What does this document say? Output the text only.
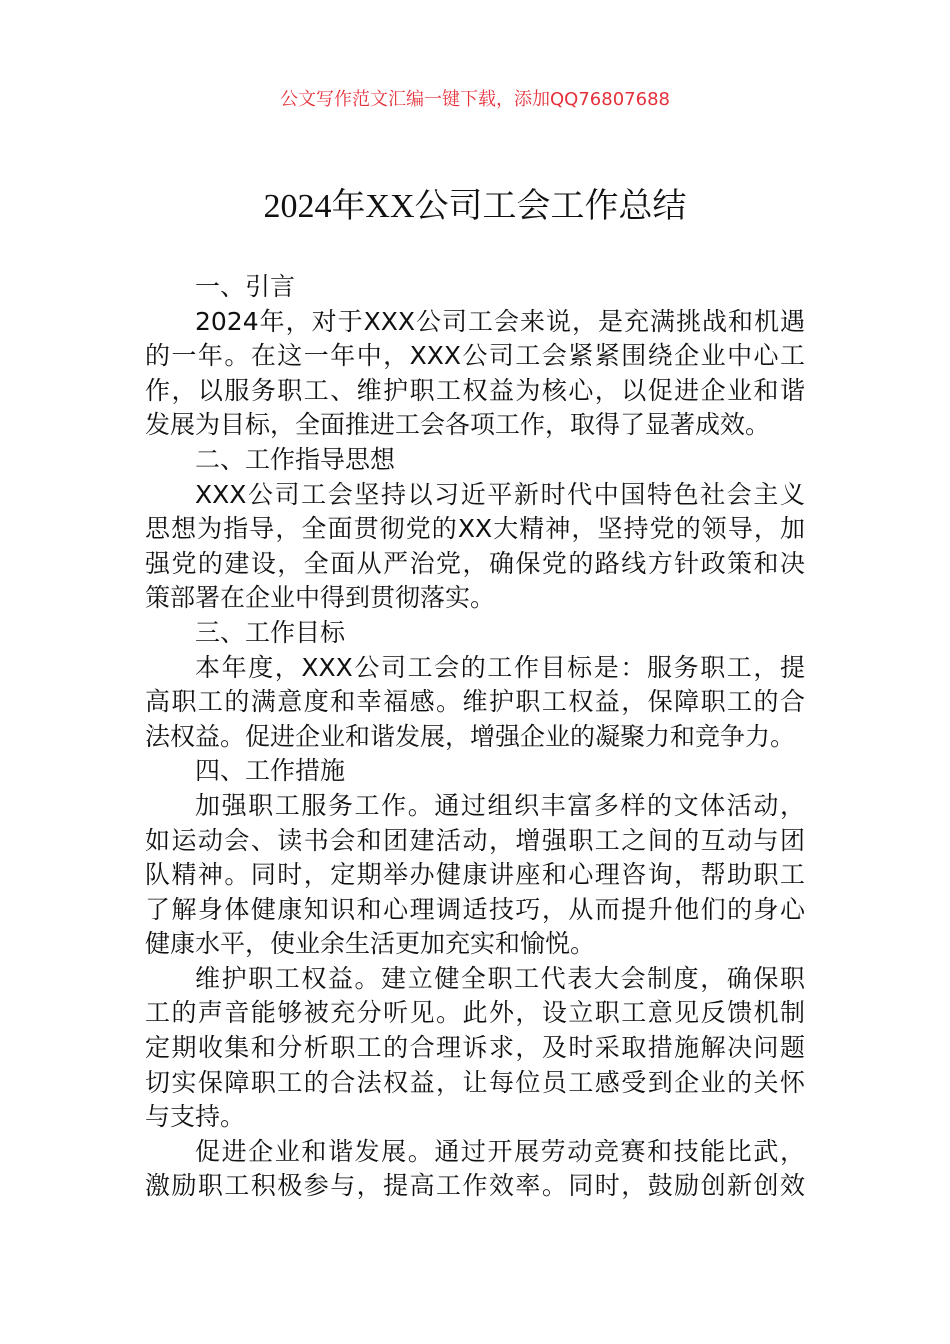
公文写作范文汇编一键下载，添加QQ76807688
2024年XX公司工会工作总结
一、引言
2024年，对于XXX公司工会来说，是充满挑战和机遇
的一年。在这一年中，XXX公司工会紧紧围绕企业中心工
作，以服务职工、维护职工权益为核心，以促进企业和谐
发展为目标，全面推进工会各项工作，取得了显著成效。
二、工作指导思想
XXX公司工会坚持以习近平新时代中国特色社会主义
思想为指导，全面贯彻党的XX大精神，坚持党的领导，加
强党的建设，全面从严治党，确保党的路线方针政策和决
策部署在企业中得到贯彻落实。
三、工作目标
本年度，XXX公司工会的工作目标是：服务职工，提
高职工的满意度和幸福感。维护职工权益，保障职工的合
法权益。促进企业和谐发展，增强企业的凝聚力和竞争力。
四、工作措施
加强职工服务工作。通过组织丰富多样的文体活动，
如运动会、读书会和团建活动，增强职工之间的互动与团
队精神。同时，定期举办健康讲座和心理咨询，帮助职工
了解身体健康知识和心理调适技巧，从而提升他们的身心
健康水平，使业余生活更加充实和愉悦。
维护职工权益。建立健全职工代表大会制度，确保职
工的声音能够被充分听见。此外，设立职工意见反馈机制
定期收集和分析职工的合理诉求，及时采取措施解决问题
切实保障职工的合法权益，让每位员工感受到企业的关怀
与支持。
促进企业和谐发展。通过开展劳动竞赛和技能比武，
激励职工积极参与，提高工作效率。同时，鼓励创新创效
